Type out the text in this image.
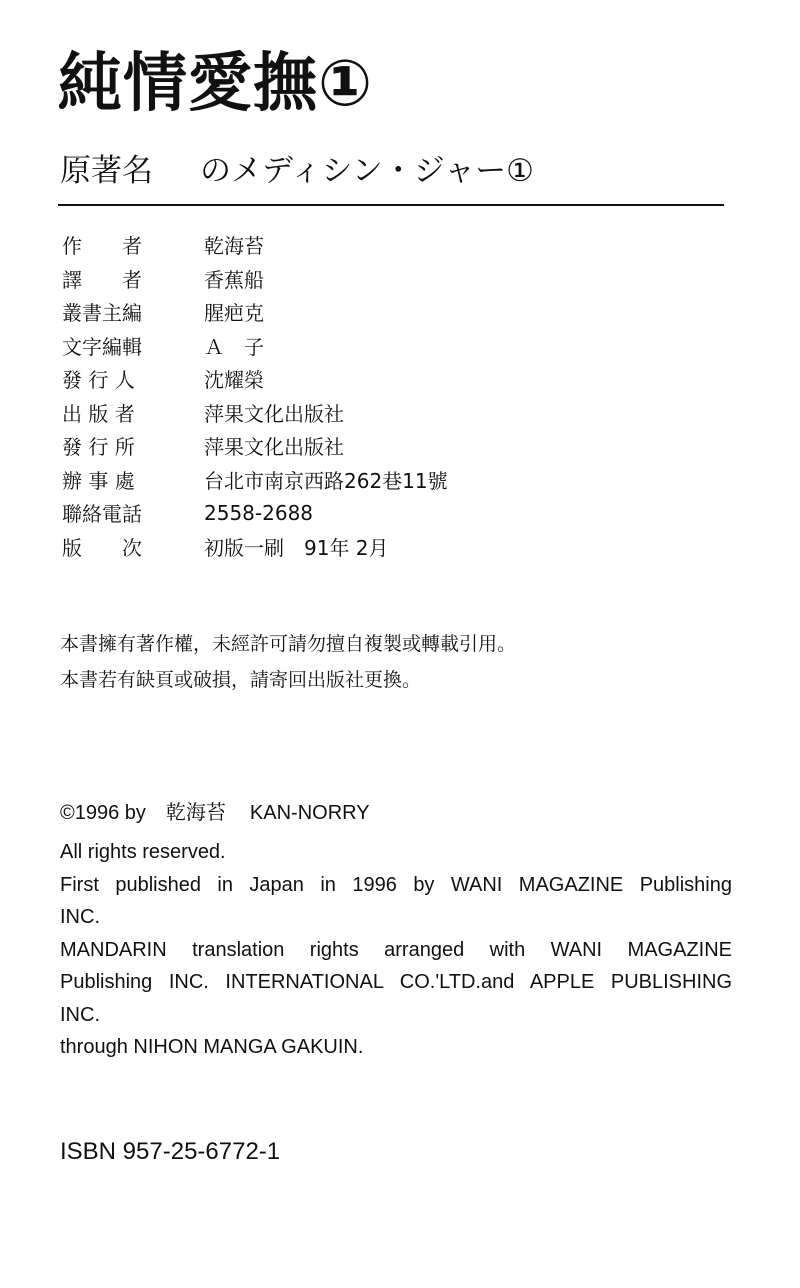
純情愛撫①
原著名 のメディシン・ジャー①
作　　者	乾海苔
譯　　者	香蕉船
叢書主編	腥疤克
文字編輯	Ａ　子
發 行 人	沈耀榮
出 版 者	萍果文化出版社
發 行 所	萍果文化出版社
辦 事 處	台北市南京西路262巷11號
聯絡電話	2558-2688
版　　次	初版一刷　91年 2月
本書擁有著作權，未經許可請勿擅自複製或轉載引用。
本書若有缺頁或破損，請寄回出版社更換。
©1996 by 乾海苔 KAN-NORRY

All rights reserved.

First published in Japan in 1996 by WANI MAGAZINE Publishing

INC.

MANDARIN translation rights arranged with WANI MAGAZINE

Publishing INC. INTERNATIONAL CO.'LTD.and APPLE PUBLISHING

INC.

through NIHON MANGA GAKUIN.

ISBN 957-25-6772-1
